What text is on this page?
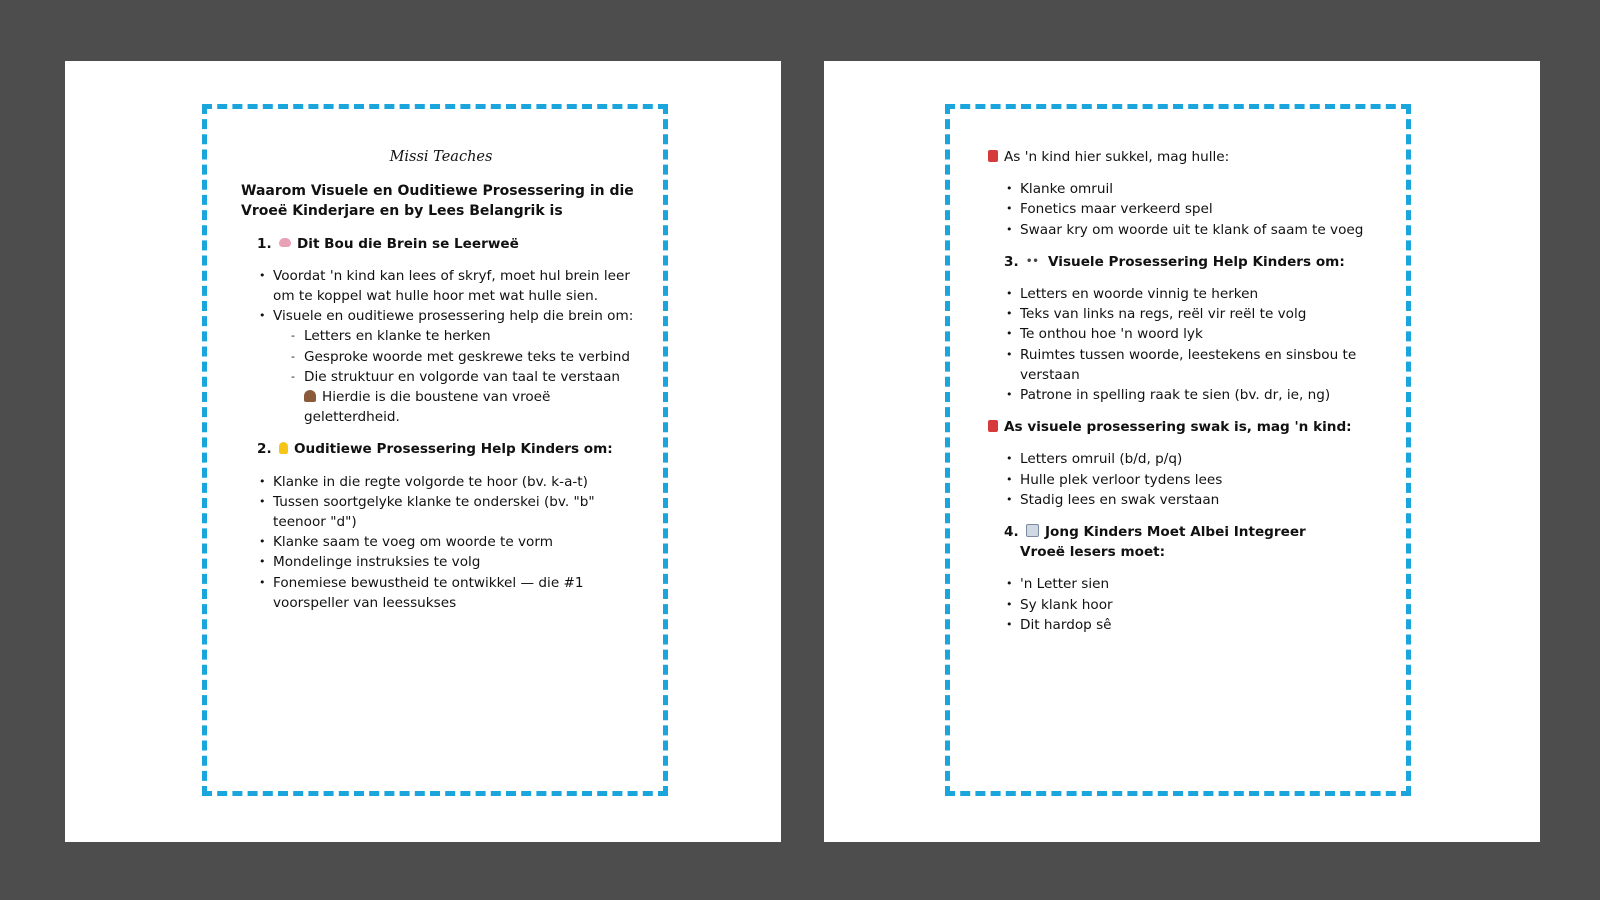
Missi Teaches
Waarom Visuele en Ouditiewe Prosessering in die Vroeë Kinderjare en by Lees Belangrik is
1. Dit Bou die Brein se Leerweë
• Voordat 'n kind kan lees of skryf, moet hul brein leer om te koppel wat hulle hoor met wat hulle sien.
• Visuele en ouditiewe prosessering help die brein om:
- Letters en klanke te herken
- Gesproke woorde met geskrewe teks te verbind
- Die struktuur en volgorde van taal te verstaan
Hierdie is die boustene van vroeë geletterdheid.
2. Ouditiewe Prosessering Help Kinders om:
• Klanke in die regte volgorde te hoor (bv. k-a-t)
• Tussen soortgelyke klanke te onderskei (bv. "b" teenoor "d")
• Klanke saam te voeg om woorde te vorm
• Mondelinge instruksies te volg
• Fonemiese bewustheid te ontwikkel — die #1 voorspeller van leessukses
As 'n kind hier sukkel, mag hulle:
• Klanke omruil
• Fonetics maar verkeerd spel
• Swaar kry om woorde uit te klank of saam te voeg
3. •• Visuele Prosessering Help Kinders om:
• Letters en woorde vinnig te herken
• Teks van links na regs, reël vir reël te volg
• Te onthou hoe 'n woord lyk
• Ruimtes tussen woorde, leestekens en sinsbou te verstaan
• Patrone in spelling raak te sien (bv. dr, ie, ng)
As visuele prosessering swak is, mag 'n kind:
• Letters omruil (b/d, p/q)
• Hulle plek verloor tydens lees
• Stadig lees en swak verstaan
4. Jong Kinders Moet Albei Integreer
Vroeë lesers moet:
• 'n Letter sien
• Sy klank hoor
• Dit hardop sê
